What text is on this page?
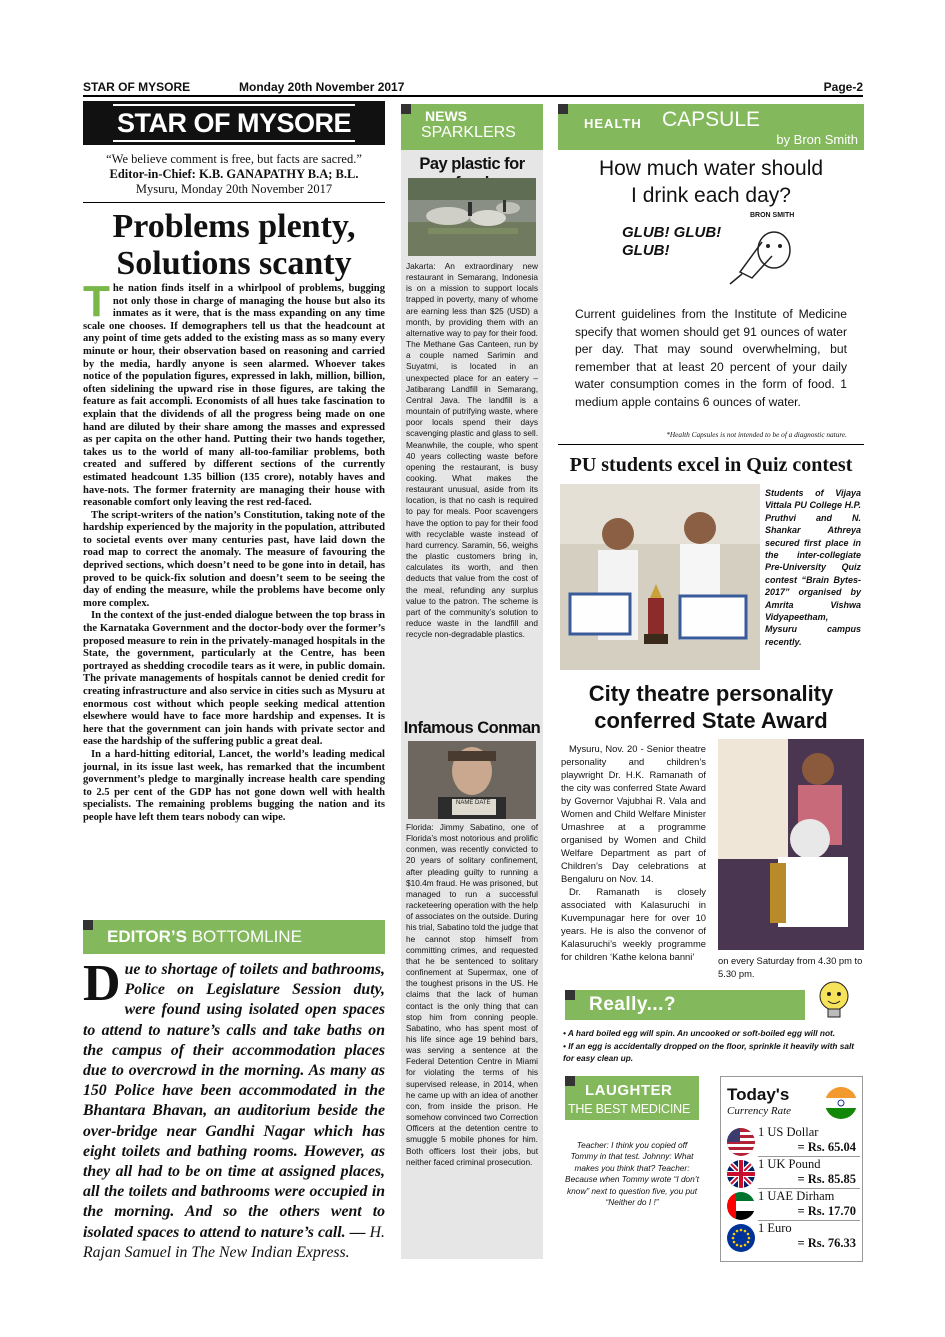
STAR OF MYSORE	Monday 20th November 2017	Page-2
STAR OF MYSORE
“We believe comment is free, but facts are sacred.”
Editor-in-Chief: K.B. GANAPATHY B.A; B.L.
Mysuru, Monday 20th November 2017
Problems plenty,
Solutions scanty

The nation finds itself in a whirlpool of problems, bugging not only those in charge of managing the house but also its inmates as it were, that is the mass expanding on any time scale one chooses. If demographers tell us that the headcount at any point of time gets added to the existing mass as so many every minute or hour, their observation based on reasoning and carried by the media, hardly anyone is seen alarmed. Whoever takes notice of the population figures, expressed in lakh, million, billion, often sidelining the upward rise in those figures, are taking the feature as fait accompli. Economists of all hues take fascination to explain that the dividends of all the progress being made on one hand are diluted by their share among the masses and expressed as per capita on the other hand. Putting their two hands together, takes us to the world of many all-too-familiar problems, both created and suffered by different sections of the currently estimated headcount 1.35 billion (135 crore), notably haves and have-nots. The former fraternity are managing their house with reasonable comfort only leaving the rest red-faced.

The script-writers of the nation’s Constitution, taking note of the hardship experienced by the majority in the population, attributed to societal events over many centuries past, have laid down the road map to correct the anomaly. The measure of favouring the deprived sections, which doesn’t need to be gone into in detail, has proved to be quick-fix solution and doesn’t seem to be seeing the day of ending the measure, while the problems have become only more complex.

In the context of the just-ended dialogue between the top brass in the Karnataka Government and the doctor-body over the former’s proposed measure to rein in the privately-managed hospitals in the State, the government, particularly at the Centre, has been portrayed as shedding crocodile tears as it were, in public domain. The private managements of hospitals cannot be denied credit for creating infrastructure and also service in cities such as Mysuru at enormous cost without which people seeking medical attention elsewhere would have to face more hardship and expenses. It is here that the government can join hands with private sector and ease the hardship of the suffering public a great deal.

In a hard-hitting editorial, Lancet, the world’s leading medical journal, in its issue last week, has remarked that the incumbent government’s pledge to marginally increase health care spending to 2.5 per cent of the GDP has not gone down well with health specialists. The remaining problems bugging the nation and its people have left them tears nobody can wipe.

EDITOR’S BOTTOMLINE
Due to shortage of toilets and bathrooms, Police on Legislature Session duty, were found using isolated open spaces to attend to nature’s calls and take baths on the campus of their accommodation places due to overcrowd in the morning. As many as 150 Police have been accommodated in the Bhantara Bhavan, an auditorium beside the over-bridge near Gandhi Nagar which has eight toilets and bathing rooms. However, as they all had to be on time at assigned places, all the toilets and bathrooms were occupied in the morning. And so the others went to isolated spaces to attend to nature’s call. — H. Rajan Samuel in The New Indian Express.
NEWS
SPARKLERS
Pay plastic for
Jakarta: An extraordinary new restaurant in Semarang, Indonesia is on a mission to support locals trapped in poverty, many of whome are earning less than $25 (USD) a month, by providing them with an alternative way to pay for their food. The Methane Gas Canteen, run by a couple named Sarimin and Suyatmi, is located in an unexpected place for an eatery – Jatibarang Landfill in Semarang, Central Java. The landfill is a mountain of putrifying waste, where poor locals spend their days scavenging plastic and glass to sell. Meanwhile, the couple, who spent 40 years collecting waste before opening the restaurant, is busy cooking. What makes the restaurant unusual, aside from its location, is that no cash is required to pay for meals. Poor scavengers have the option to pay for their food with recyclable waste instead of hard currency. Saramin, 56, weighs the plastic customers bring in, calculates its worth, and then deducts that value from the cost of the meal, refunding any surplus value to the patron. The scheme is part of the community’s solution to reduce waste in the landfill and recycle non-degradable plastics.
Infamous Conman
NAME DATE
Florida: Jimmy Sabatino, one of Florida’s most notorious and prolific conmen, was recently convicted to 20 years of solitary confinement, after pleading guilty to running a $10.4m fraud. He was prisoned, but managed to run a successful racketeering operation with the help of associates on the outside. During his trial, Sabatino told the judge that he cannot stop himself from committing crimes, and requested that he be sentenced to solitary confinement at Supermax, one of the toughest prisons in the US. He claims that the lack of human contact is the only thing that can stop him from conning people. Sabatino, who has spent most of his life since age 19 behind bars, was serving a sentence at the Federal Detention Centre in Miami for violating the terms of his supervised release, in 2014, when he came up with an idea of another con, from inside the prison. He somehow convinced two Correction Officers at the detention centre to smuggle 5 mobile phones for him. Both officers lost their jobs, but neither faced criminal prosecution.
HEALTH CAPSULE
by Bron Smith
How much water should
I drink each day?
GLUB! GLUB! GLUB!
BRON SMITH
Current guidelines from the Institute of Medicine specify that women should get 91 ounces of water per day. That may sound overwhelming, but remember that at least 20 percent of your daily water consumption comes in the form of food. 1 medium apple contains 6 ounces of water.
*Health Capsules is not intended to be of a diagnostic nature.
PU students excel in Quiz contest
Students of Vijaya Vittala PU College H.P. Pruthvi and N. Shankar Athreya secured first place in the inter-collegiate Pre-University Quiz contest “Brain Bytes-2017” organised by Amrita Vishwa Vidyapeetham, Mysuru campus recently.
City theatre personality
conferred State Award

Mysuru, Nov. 20 - Senior theatre personality and children’s playwright Dr. H.K. Ramanath of the city was conferred State Award by Governor Vajubhai R. Vala and Women and Child Welfare Minister Umashree at a programme organised by Women and Child Welfare Department as part of Children’s Day celebrations at Bengaluru on Nov. 14.

Dr. Ramanath is closely associated with Kalasuruchi in Kuvempunagar here for over 10 years. He is also the convenor of Kalasuruchi’s weekly programme for children ‘Kathe kelona banni’	on every Saturday from 4.30 pm to 5.30 pm.
Really...?
• A hard boiled egg will spin. An uncooked or soft-boiled egg will not.
• If an egg is accidentally dropped on the floor, sprinkle it heavily with salt for easy clean up.
LAUGHTER
THE BEST MEDICINE
Teacher: I think you copied off Tommy in that test. Johnny: What makes you think that? Teacher: Because when Tommy wrote “I don’t know” next to question five, you put “Neither do I !”
Today's
Currency Rate
1 US Dollar
= Rs. 65.04
1 UK Pound
= Rs. 85.85
1 UAE Dirham
= Rs. 17.70
1 Euro
= Rs. 76.33
